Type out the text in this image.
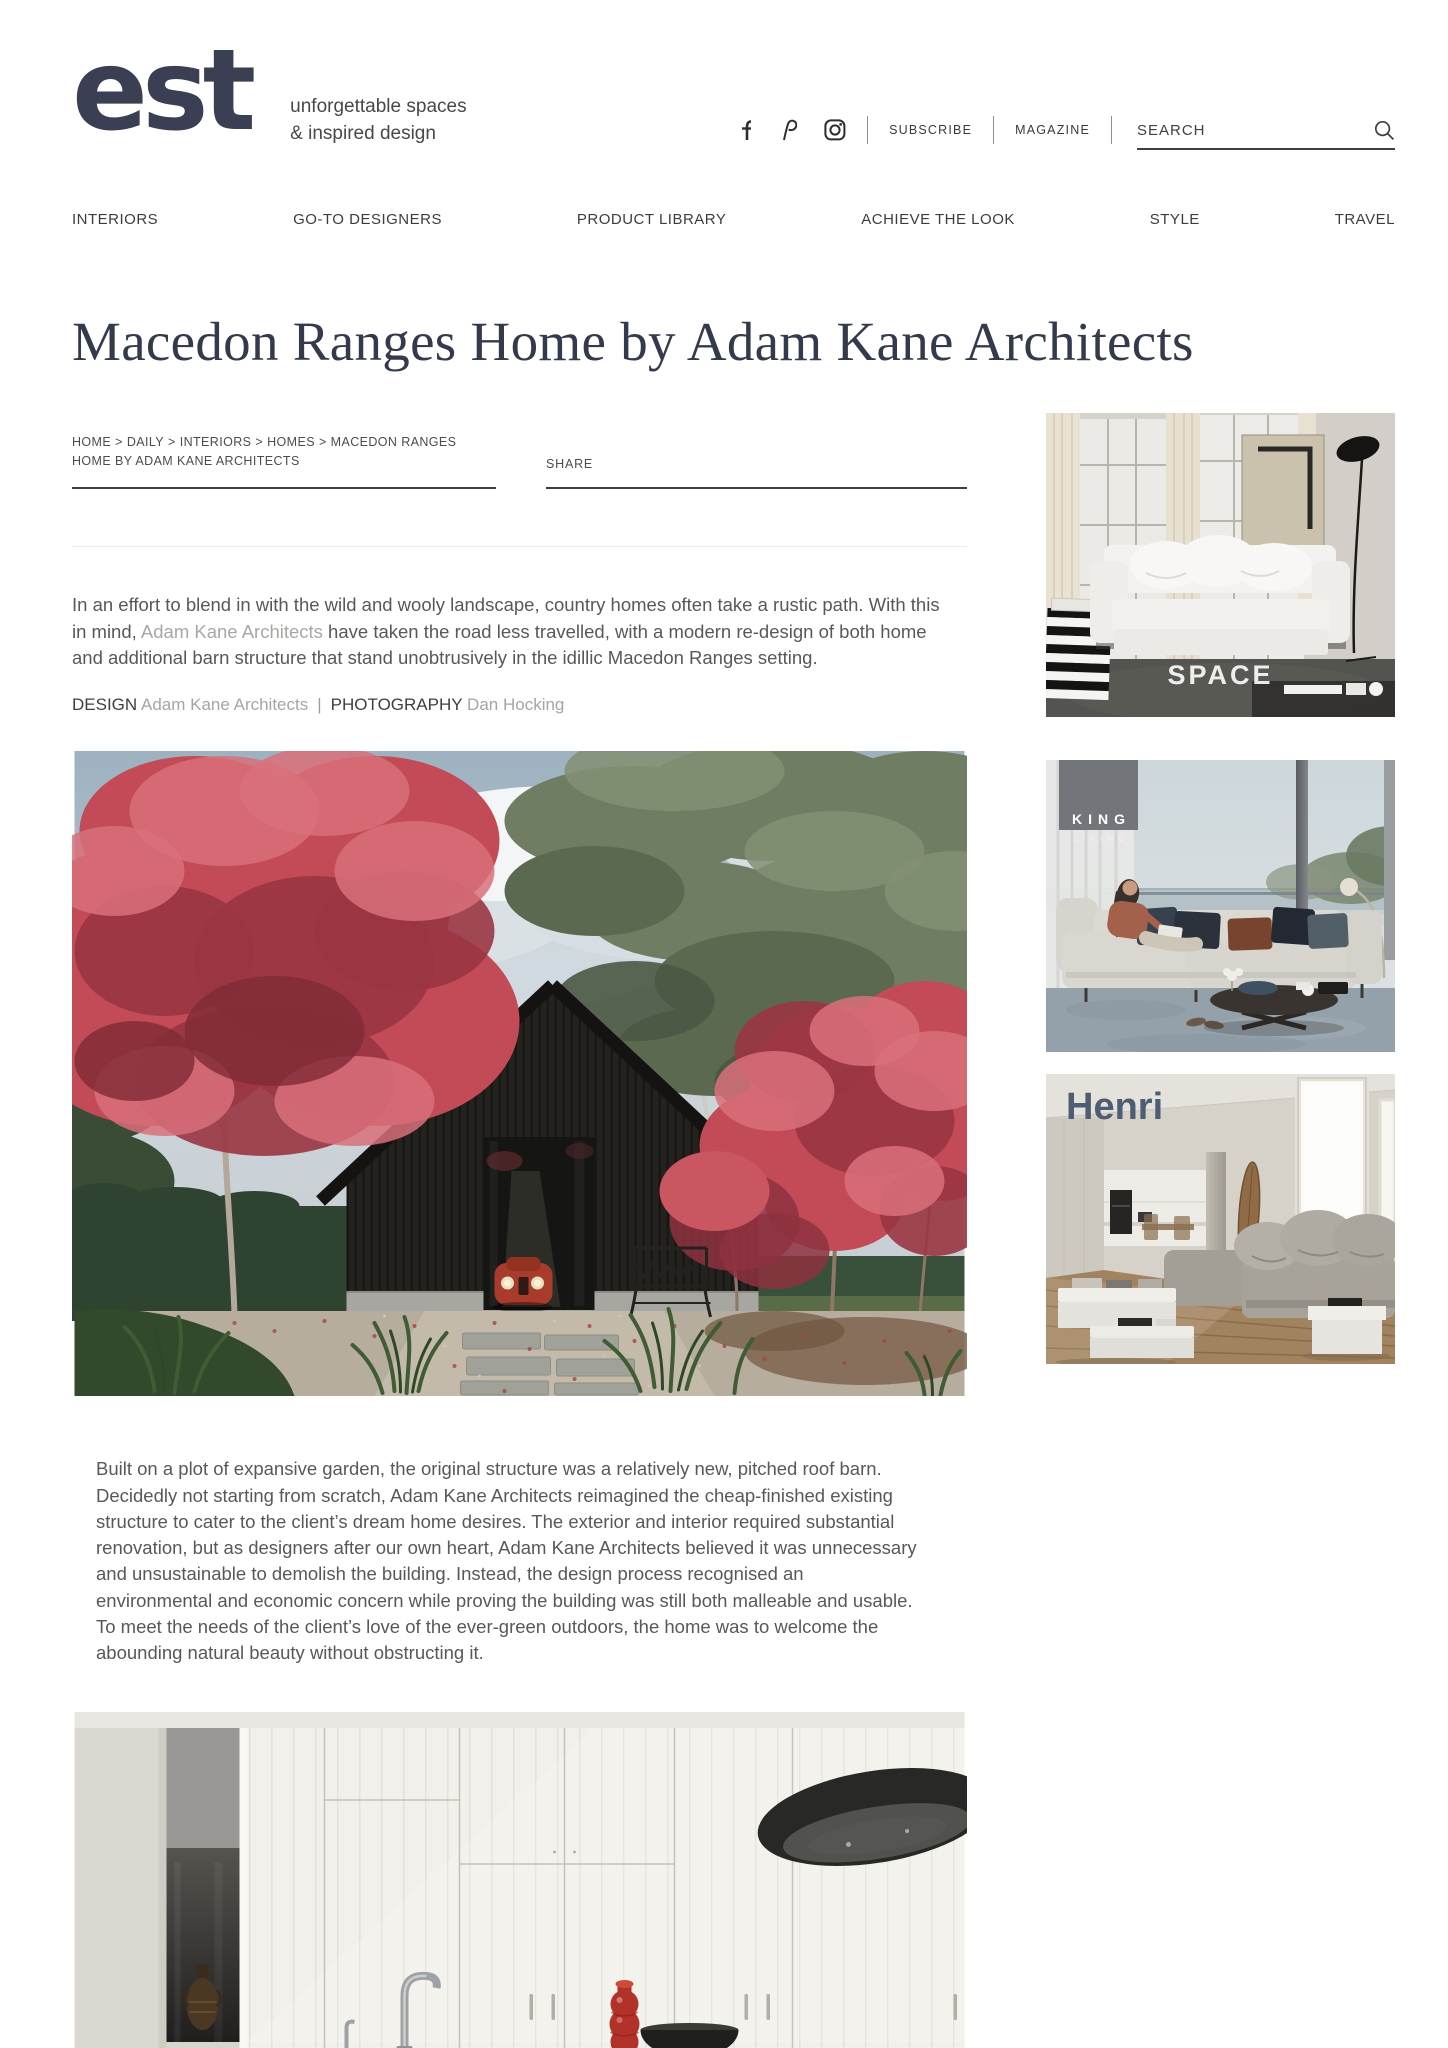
est unforgettable spaces
& inspired design	SUBSCRIBE	MAGAZINE
SEARCH
INTERIORS	GO-TO DESIGNERS	PRODUCT LIBRARY	ACHIEVE THE LOOK	STYLE	TRAVEL
Macedon Ranges Home by Adam Kane Architects
HOME > DAILY > INTERIORS > HOMES > MACEDON RANGES HOME BY ADAM KANE ARCHITECTS	SHARE

In an effort to blend in with the wild and wooly landscape, country homes often take a rustic path. With this in mind, Adam Kane Architects have taken the road less travelled, with a modern re-design of both home and additional barn structure that stand unobtrusively in the idillic Macedon Ranges setting.

DESIGN Adam Kane Architects | PHOTOGRAPHY Dan Hocking

Built on a plot of expansive garden, the original structure was a relatively new, pitched roof barn. Decidedly not starting from scratch, Adam Kane Architects reimagined the cheap-finished existing structure to cater to the client’s dream home desires. The exterior and interior required substantial renovation, but as designers after our own heart, Adam Kane Architects believed it was unnecessary and unsustainable to demolish the building. Instead, the design process recognised an environmental and economic concern while proving the building was still both malleable and usable. To meet the needs of the client’s love of the ever-green outdoors, the home was to welcome the abounding natural beauty without obstructing it.

SPACE
KING
LIVING
Henri
